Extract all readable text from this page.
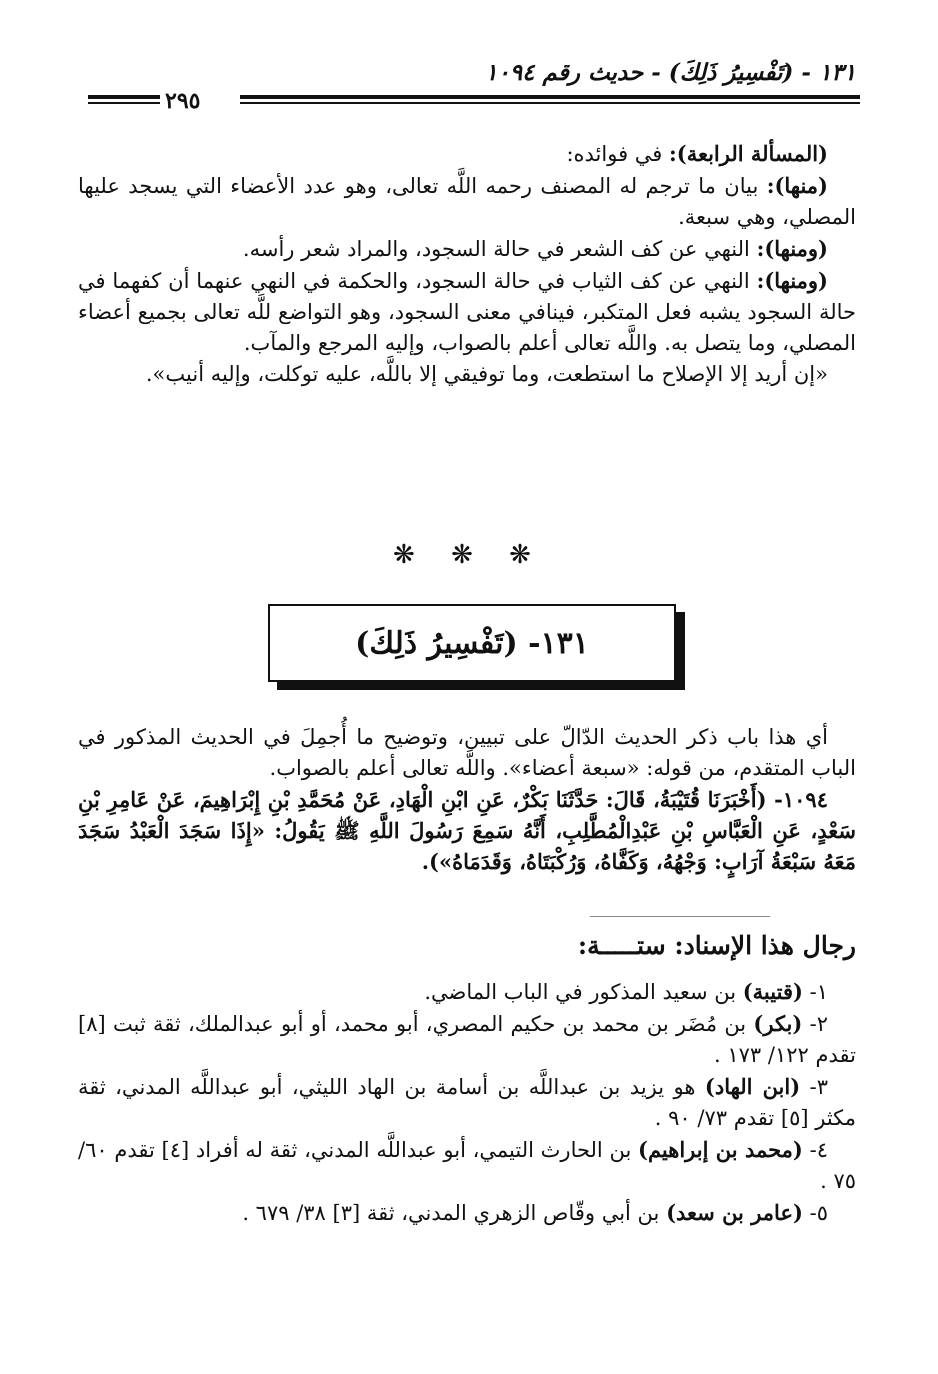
١٣١ - (تَفْسِيرُ ذَلِكَ) - حديث رقم ١٠٩٤
٢٩٥

(المسألة الرابعة): في فوائده:

(منها): بيان ما ترجم له المصنف رحمه اللَّه تعالى، وهو عدد الأعضاء التي يسجد عليها المصلي، وهي سبعة.

(ومنها): النهي عن كف الشعر في حالة السجود، والمراد شعر رأسه.

(ومنها): النهي عن كف الثياب في حالة السجود، والحكمة في النهي عنهما أن كفهما في حالة السجود يشبه فعل المتكبر، فينافي معنى السجود، وهو التواضع للَّه تعالى بجميع أعضاء المصلي، وما يتصل به. واللَّه تعالى أعلم بالصواب، وإليه المرجع والمآب.

«إن أريد إلا الإصلاح ما استطعت، وما توفيقي إلا باللَّه، عليه توكلت، وإليه أنيب».

❋ ❋ ❋
١٣١- (تَفْسِيرُ ذَلِكَ)

أي هذا باب ذكر الحديث الدّالّ على تبيين، وتوضيح ما أُجمِلَ في الحديث المذكور في الباب المتقدم، من قوله: «سبعة أعضاء». واللَّه تعالى أعلم بالصواب.

١٠٩٤- (أَخْبَرَنَا قُتَيْبَةُ، قَالَ: حَدَّثَنَا بَكْرٌ، عَنِ ابْنِ الْهَادِ، عَنْ مُحَمَّدِ بْنِ إِبْرَاهِيمَ، عَنْ عَامِرِ بْنِ سَعْدٍ، عَنِ الْعَبَّاسِ بْنِ عَبْدِالْمُطَّلِبِ، أَنَّهُ سَمِعَ رَسُولَ اللَّهِ ﷺ يَقُولُ: «إِذَا سَجَدَ الْعَبْدُ سَجَدَ مَعَهُ سَبْعَةُ آرَابٍ: وَجْهُهُ، وَكَفَّاهُ، وَرُكْبَتَاهُ، وَقَدَمَاهُ»).

رجال هذا الإسناد: ستـــــة:

١- (قتيبة) بن سعيد المذكور في الباب الماضي.

٢- (بكر) بن مُضَر بن محمد بن حكيم المصري، أبو محمد، أو أبو عبدالملك، ثقة ثبت [٨] تقدم ١٢٢/ ١٧٣ .

٣- (ابن الهاد) هو يزيد بن عبداللَّه بن أسامة بن الهاد الليثي، أبو عبداللَّه المدني، ثقة مكثر [٥] تقدم ٧٣/ ٩٠ .

٤- (محمد بن إبراهيم) بن الحارث التيمي، أبو عبداللَّه المدني، ثقة له أفراد [٤] تقدم ٦٠/ ٧٥ .

٥- (عامر بن سعد) بن أبي وقّاص الزهري المدني، ثقة [٣] ٣٨/ ٦٧٩ .
